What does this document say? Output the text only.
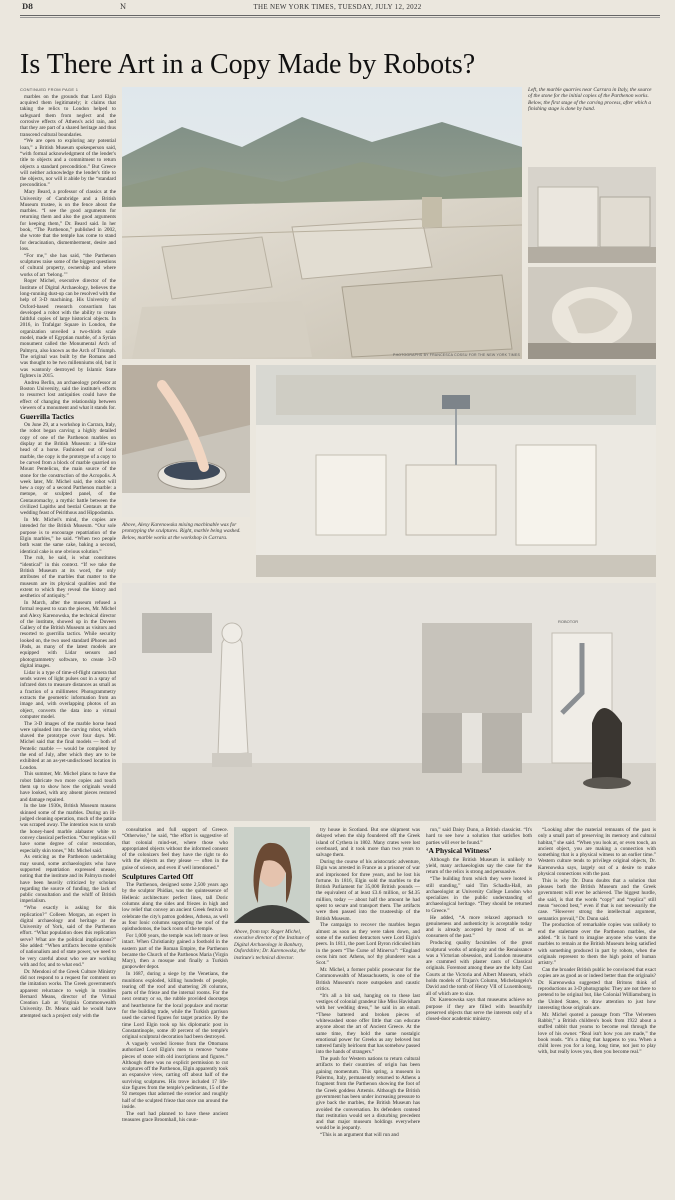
D8	N	THE NEW YORK TIMES, TUESDAY, JULY 12, 2022
Is There Art in a Copy Made by Robots?

CONTINUED FROM PAGE 1

marbles on the grounds that Lord Elgin acquired them legitimately; it claims that taking the relics to London helped to safeguard them from neglect and the corrosive effects of Athens's acid rain, and that they are part of a shared heritage and thus transcend cultural boundaries.

“We are open to exploring any potential loan,” a British Museum spokesperson said, “with formal acknowledgment of the lender's title to objects and a commitment to return objects a standard precondition.” But Greece will neither acknowledge the lender's title to the objects, nor will it abide by the “standard precondition.”

Mary Beard, a professor of classics at the University of Cambridge and a British Museum trustee, is on the fence about the marbles. “I see the good arguments for returning them and also the good arguments for keeping them,” Dr. Beard said. In her book, “The Parthenon,” published in 2002, she wrote that the temple has come to stand for deracination, dismemberment, desire and loss.

“For me,” she has said, “the Parthenon sculptures raise some of the biggest questions of cultural property, ownership and where works of art ‘belong.’”

Roger Michel, executive director of the Institute of Digital Archaeology, believes the long-running dust-up can be resolved with the help of 3-D machining. His University of Oxford-based research consortium has developed a robot with the ability to create faithful copies of large historical objects. In 2016, in Trafalgar Square in London, the organization unveiled a two-thirds scale model, made of Egyptian marble, of a Syrian monument called the Monumental Arch of Palmyra, also known as the Arch of Triumph. The original was built by the Romans and was thought to be two millenniums old, but it was wantonly destroyed by Islamic State fighters in 2015.

Andrea Berlin, an archaeology professor at Boston University, said the institute's efforts to resurrect lost antiquities could have the effect of changing the relationship between viewers of a monument and what it stands for.

Guerrilla Tactics

On June 29, at a workshop in Carrara, Italy, the robot began carving a highly detailed copy of one of the Parthenon marbles on display at the British Museum: a life-size head of a horse. Fashioned out of local marble, the copy is the prototype of a copy to be carved from a block of marble quarried on Mount Pentelicus, the main source of the stone for the construction of the Acropolis. A week later, Mr. Michel said, the robot will hew a copy of a second Parthenon marble: a metope, or sculpted panel, of the Centauromachy, a mythic battle between the civilized Lapiths and bestial Centaurs at the wedding feast of Peirithous and Hippodamia.

In Mr. Michel's mind, the copies are intended for the British Museum. “Our sole purpose is to encourage repatriation of the Elgin marbles,” he said. “When two people both want the same cake, baking a second, identical cake is one obvious solution.”

The rub, he said, is what constitutes “identical” in this context. “If we take the British Museum at its word, the only attributes of the marbles that matter to the museum are its physical qualities and the extent to which they reveal the history and aesthetics of antiquity.”

In March, after the museum refused a formal request to scan the pieces, Mr. Michel and Alexy Karenowska, the technical director of the institute, showed up in the Duveen Gallery of the British Museum as visitors and resorted to guerrilla tactics. While security looked on, the two used standard iPhones and iPads, as many of the latest models are equipped with Lidar sensors and photogrammetry software, to create 3-D digital images.

Lidar is a type of time-of-flight camera that sends waves of light pulses out in a spray of infrared dots to measure distances as small as a fraction of a millimeter. Photogrammetry extracts the geometric information from an image and, with overlapping photos of an object, converts the data into a virtual computer model.

The 3-D images of the marble horse head were uploaded into the carving robot, which shaved the prototype over four days. Mr. Michel said that the final models — both of Pentelic marble — would be completed by the end of July, after which they are to be exhibited at an as-yet-undisclosed location in London.

This summer, Mr. Michel plans to have the robot fabricate two more copies and touch them up to show how the originals would have looked, with any absent pieces restored and damage repaired.

In the late 1930s, British Museum masons skinned some of the marbles. During an ill-judged cleaning operation, much of the patina was scraped away. The intention was to scrub the honey-hued marble alabaster white to convey classical perfection. “Our replicas will have some degree of color restoration, especially skin tones,” Mr. Michel said.

As enticing as the Parthenon undertaking may sound, some archaeologists who have supported repatriation expressed unease, noting that the institute and its Palmyra model have been heavily criticized by scholars regarding the source of funding, the lack of public consultation and the whiff of British imperialism.

“Who exactly is asking for this replication?” Colleen Morgan, an expert in digital archaeology and heritage at the University of York, said of the Parthenon effort. “What population does this replication serve? What are the political implications?” She added: “When artifacts become symbols of nationalism and of state power, we need to be very careful about who we are working with and for, and to what end.”

Dr. Mendoni of the Greek Culture Ministry did not respond to a request for comment on the imitation works. The Greek government's apparent reluctance to weigh in troubles Bernard Means, director of the Virtual Creation Lab at Virginia Commonwealth University. Dr. Means said he would have attempted such a project only with the

PHOTOGRAPHS BY FRANCESCA COSSU FOR THE NEW YORK TIMES
Left, the marble quarries near Carrara in Italy, the source of the stone for the initial copies of the Parthenon works. Below, the first stage of the carving process, after which a finishing stage is done by hand.
Above, Alexy Karenowska mixing machinable wax for prototyping the sculptures. Right, marble being washed. Below, marble works at the workshop in Carrara.
ROBOTOR

consultation and full support of Greece. “Otherwise,” he said, “the effort is suggestive of that colonial mind-set, where those who appropriated objects without the informed consent of the colonizers feel they have the right to do with the objects as they please — often in the guise of science, and even if well intentioned.”

Sculptures Carted Off

The Parthenon, designed some 2,500 years ago by the sculptor Phidias, was the quintessence of Hellenic architecture: perfect lines, tall Doric columns along the sides and friezes in high and low relief that convey an ancient Greek festival to celebrate the city's patron goddess, Athena, as well as four Ionic columns supporting the roof of the opisthodomos, the back room of the temple.

For 1,000 years, the temple was left more or less intact. When Christianity gained a foothold in the eastern part of the Roman Empire, the Parthenon became the Church of the Parthenos Maria (Virgin Mary), then a mosque and finally a Turkish gunpowder depot.

In 1687, during a siege by the Venetians, the munitions exploded, killing hundreds of people, tearing off the roof and shattering 28 columns, parts of the frieze and the internal rooms. For the next century or so, the rubble provided doorsteps and hearthstone for the local populace and mortar for the building trade, while the Turkish garrison used the carved figures for target practice. By the time Lord Elgin took up his diplomatic post in Constantinople, some 40 percent of the temple's original sculptural decoration had been destroyed.

A vaguely worded license from the Ottomans authorized Lord Elgin's men to remove “some pieces of stone with old inscriptions and figures.” Although there was no explicit permission to cut sculptures off the Parthenon, Elgin apparently took an expansive view, carting off about half of the surviving sculptures. His trove included 17 life-size figures from the temple's pediments, 15 of the 92 metopes that adorned the exterior and roughly half of the sculpted frieze that once ran around the inside.

The earl had planned to have these ancient treasures grace Broomhall, his coun-

Above, from top: Roger Michel, executive director of the Institute of Digital Archaeology in Banbury, Oxfordshire; Dr. Karenowska, the institute's technical director.

try house in Scotland. But one shipment was delayed when the ship foundered off the Greek island of Cythera in 1802. Many crates were lost overboard, and it took more than two years to salvage them.

During the course of his aristocratic adventure, Elgin was arrested in France as a prisoner of war and imprisoned for three years, and he lost his fortune. In 1816, Elgin sold the marbles to the British Parliament for 35,000 British pounds — the equivalent of at least £3.6 million, or $4.35 million, today — about half the amount he had spent to secure and transport them. The artifacts were then passed into the trusteeship of the British Museum.

The campaign to recover the marbles began almost as soon as they were taken down, and some of the earliest detractors were Lord Elgin's peers. In 1811, the poet Lord Byron ridiculed him in the poem “The Curse of Minerva”: “England owns him not: Athens, no! thy plunderer was a Scot.”

Mr. Michel, a former public prosecutor for the Commonwealth of Massachusetts, is one of the British Museum's more outspoken and caustic critics.

“It's all a bit sad, hanging on to these last vestiges of colonial grandeur like Miss Havisham with her wedding dress,” he said in an email. “These battered and broken pieces of whitewashed stone offer little that can educate anyone about the art of Ancient Greece. At the same time, they hold the same nostalgic emotional power for Greeks as any beloved but tattered family heirloom that has somehow passed into the hands of strangers.”

The push for Western nations to return cultural artifacts to their countries of origin has been gaining momentum. This spring, a museum in Palermo, Italy, permanently returned to Athens a fragment from the Parthenon showing the foot of the Greek goddess Artemis. Although the British government has been under increasing pressure to give back the marbles, the British Museum has avoided the conversation. Its defenders contend that restitution would set a disturbing precedent and that major museum holdings everywhere would be in jeopardy.

“This is an argument that will run and

run,” said Daisy Dunn, a British classicist. “It's hard to see how a solution that satisfies both parties will ever be found.”

‘A Physical Witness’

Although the British Museum is unlikely to yield, many archaeologists say the case for the return of the relics is strong and persuasive.

“The building from which they were looted is still standing,” said Tim Schadla-Hall, an archaeologist at University College London who specializes in the public understanding of archaeological heritage. “They should be returned to Greece.”

He added, “A more relaxed approach to genuineness and authenticity is acceptable today and is already accepted by most of us as consumers of the past.”

Producing quality facsimiles of the great sculptural works of antiquity and the Renaissance was a Victorian obsession, and London museums are crammed with plaster casts of Classical originals. Foremost among these are the lofty Cast Courts at the Victoria and Albert Museum, which holds models of Trajan's Column, Michelangelo's David and the tomb of Henry VII of Luxembourg, all of which are to size.

Dr. Karenowska says that museums achieve no purpose if they are filled with beautifully preserved objects that serve the interests only of a closed-door academic ministry.

“Looking after the material remnants of the past is only a small part of preserving its memory and cultural habitat,” she said. “When you look at, or even touch, an ancient object, you are making a connection with something that is a physical witness to an earlier time.” Western culture tends to privilege original objects, Dr. Karenowska says, largely out of a desire to make physical connections with the past.

This is why Dr. Dunn doubts that a solution that pleases both the British Museum and the Greek government will ever be achieved. The biggest hurdle, she said, is that the words “copy” and “replica” still mean “second best,” even if that is not necessarily the case. “However strong the intellectual argument, semantics prevail,” Dr. Dunn said.

The production of remarkable copies was unlikely to end the stalemate over the Parthenon marbles, she added. “It is hard to imagine anyone who wants the marbles to remain at the British Museum being satisfied with something produced in part by robots, when the originals represent to them the high point of human artistry.”

Can the broader British public be convinced that exact copies are as good as or indeed better than the originals? Dr. Karenowska suggested that Britons think of reproductions as 3-D photographs: They are not there to pretend to be original but, like Colonial Williamsburg in the United States, to draw attention to just how interesting those originals are.

Mr. Michel quoted a passage from “The Velveteen Rabbit,” a British children's book from 1922 about a stuffed rabbit that yearns to become real through the love of his owner. “Real isn't how you are made,” the book reads. “It's a thing that happens to you. When a child loves you for a long, long time, not just to play with, but really loves you, then you become real.”
